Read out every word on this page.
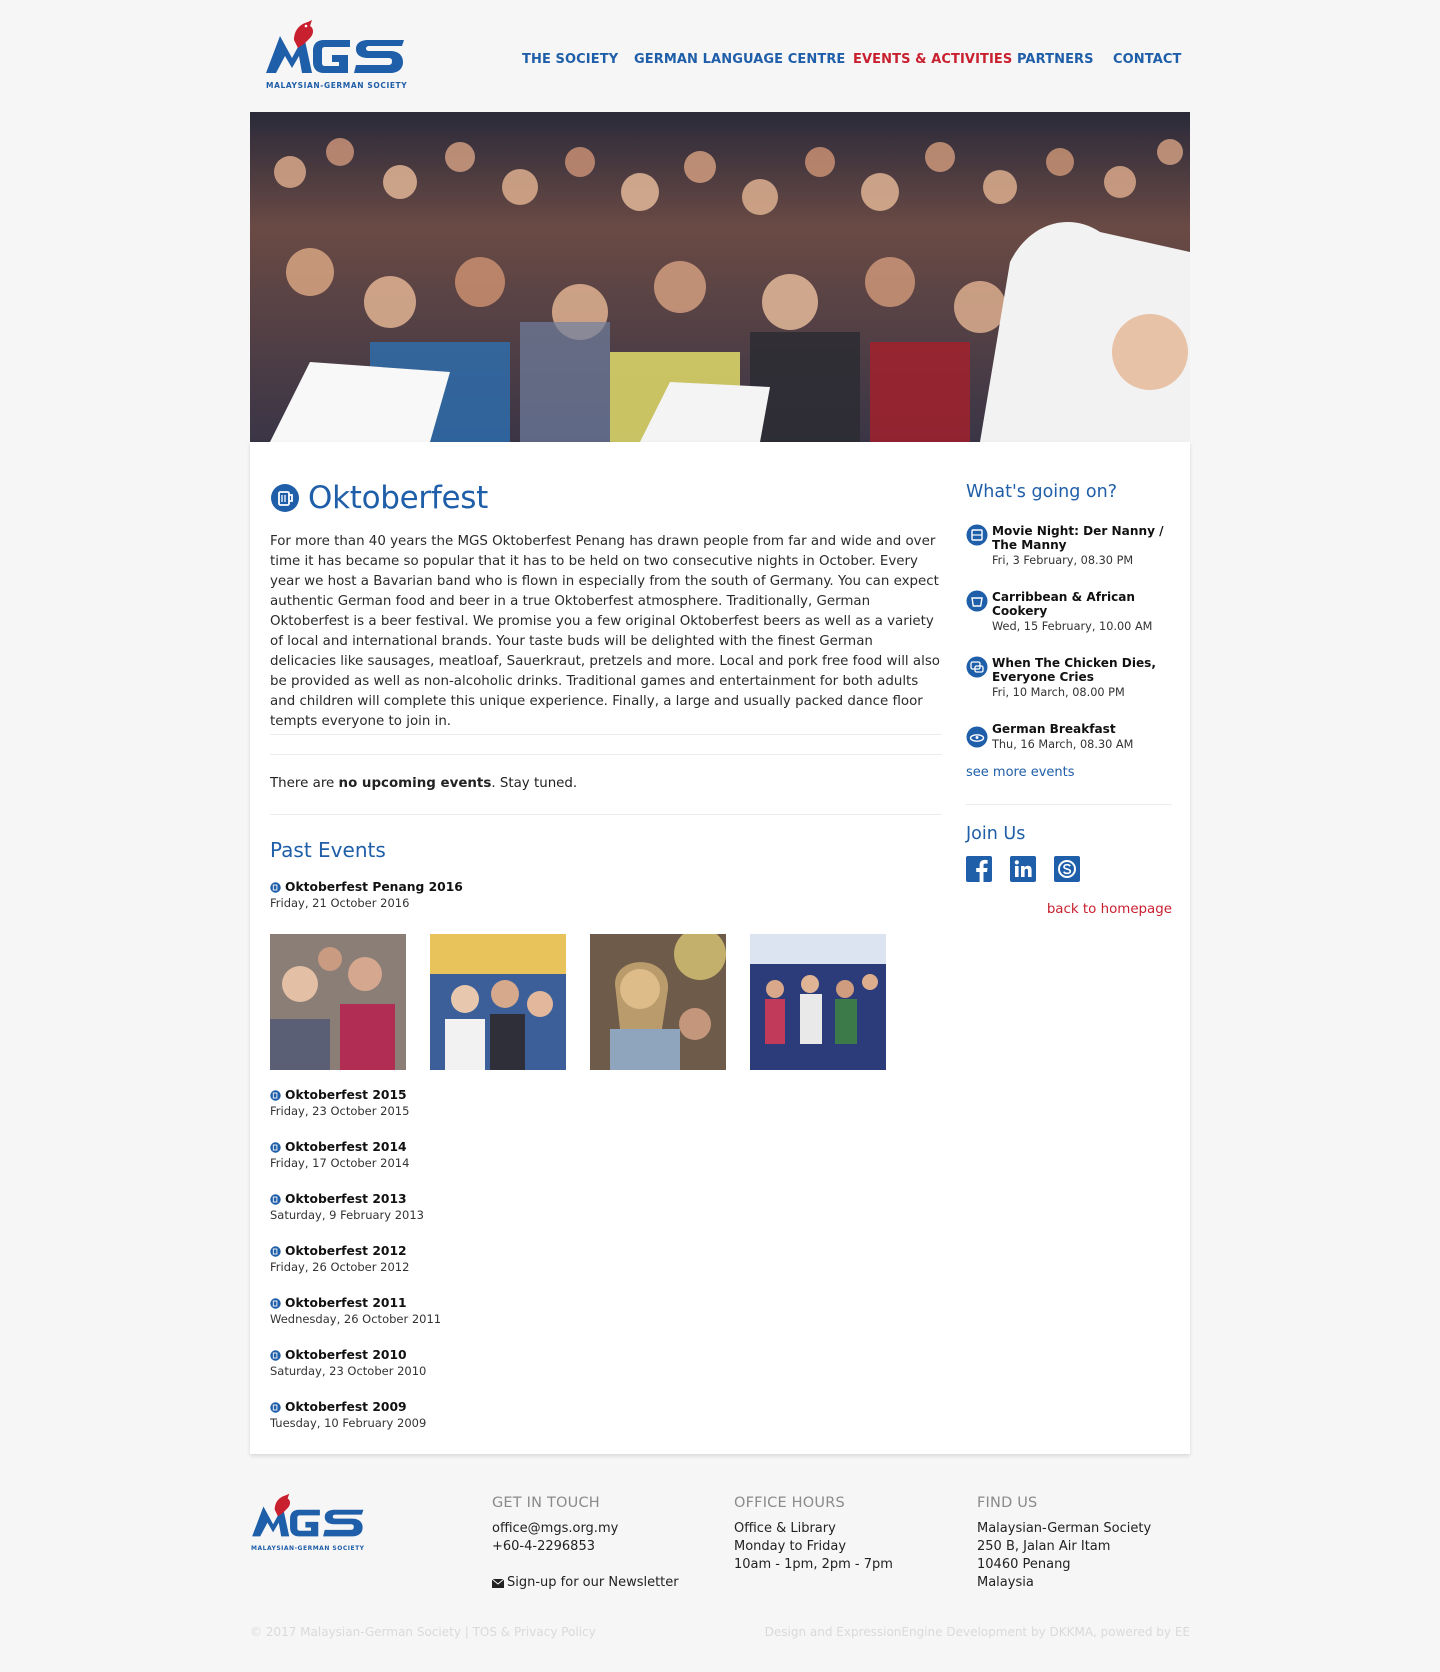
MALAYSIAN-GERMAN SOCIETY
THE SOCIETY GERMAN LANGUAGE CENTRE EVENTS & ACTIVITIES PARTNERS CONTACT
Oktoberfest

For more than 40 years the MGS Oktoberfest Penang has drawn people from far and wide and over time it has became so popular that it has to be held on two consecutive nights in October. Every year we host a Bavarian band who is flown in especially from the south of Germany. You can expect authentic German food and beer in a true Oktoberfest atmosphere. Traditionally, German Oktoberfest is a beer festival. We promise you a few original Oktoberfest beers as well as a variety of local and international brands. Your taste buds will be delighted with the finest German delicacies like sausages, meatloaf, Sauerkraut, pretzels and more. Local and pork free food will also be provided as well as non-alcoholic drinks. Traditional games and entertainment for both adults and children will complete this unique experience. Finally, a large and usually packed dance floor tempts everyone to join in.

There are no upcoming events. Stay tuned.

Past Events
Oktoberfest Penang 2016
Friday, 21 October 2016
Oktoberfest 2015
Friday, 23 October 2015
Oktoberfest 2014
Friday, 17 October 2014
Oktoberfest 2013
Saturday, 9 February 2013
Oktoberfest 2012
Friday, 26 October 2012
Oktoberfest 2011
Wednesday, 26 October 2011
Oktoberfest 2010
Saturday, 23 October 2010
Oktoberfest 2009
Tuesday, 10 February 2009
What's going on?
Movie Night: Der Nanny / The Manny
Fri, 3 February, 08.30 PM
Carribbean & African Cookery
Wed, 15 February, 10.00 AM
When The Chicken Dies, Everyone Cries
Fri, 10 March, 08.00 PM
German Breakfast
Thu, 16 March, 08.30 AM
see more events
Join Us
back to homepage
MALAYSIAN-GERMAN SOCIETY
GET IN TOUCH
office@mgs.org.my
+60-4-2296853
Sign-up for our Newsletter
OFFICE HOURS
Office & Library
Monday to Friday
10am - 1pm, 2pm - 7pm
FIND US
Malaysian-German Society
250 B, Jalan Air Itam
10460 Penang
Malaysia
© 2017 Malaysian-German Society | TOS & Privacy Policy	Design and ExpressionEngine Development by DKKMA, powered by EE
